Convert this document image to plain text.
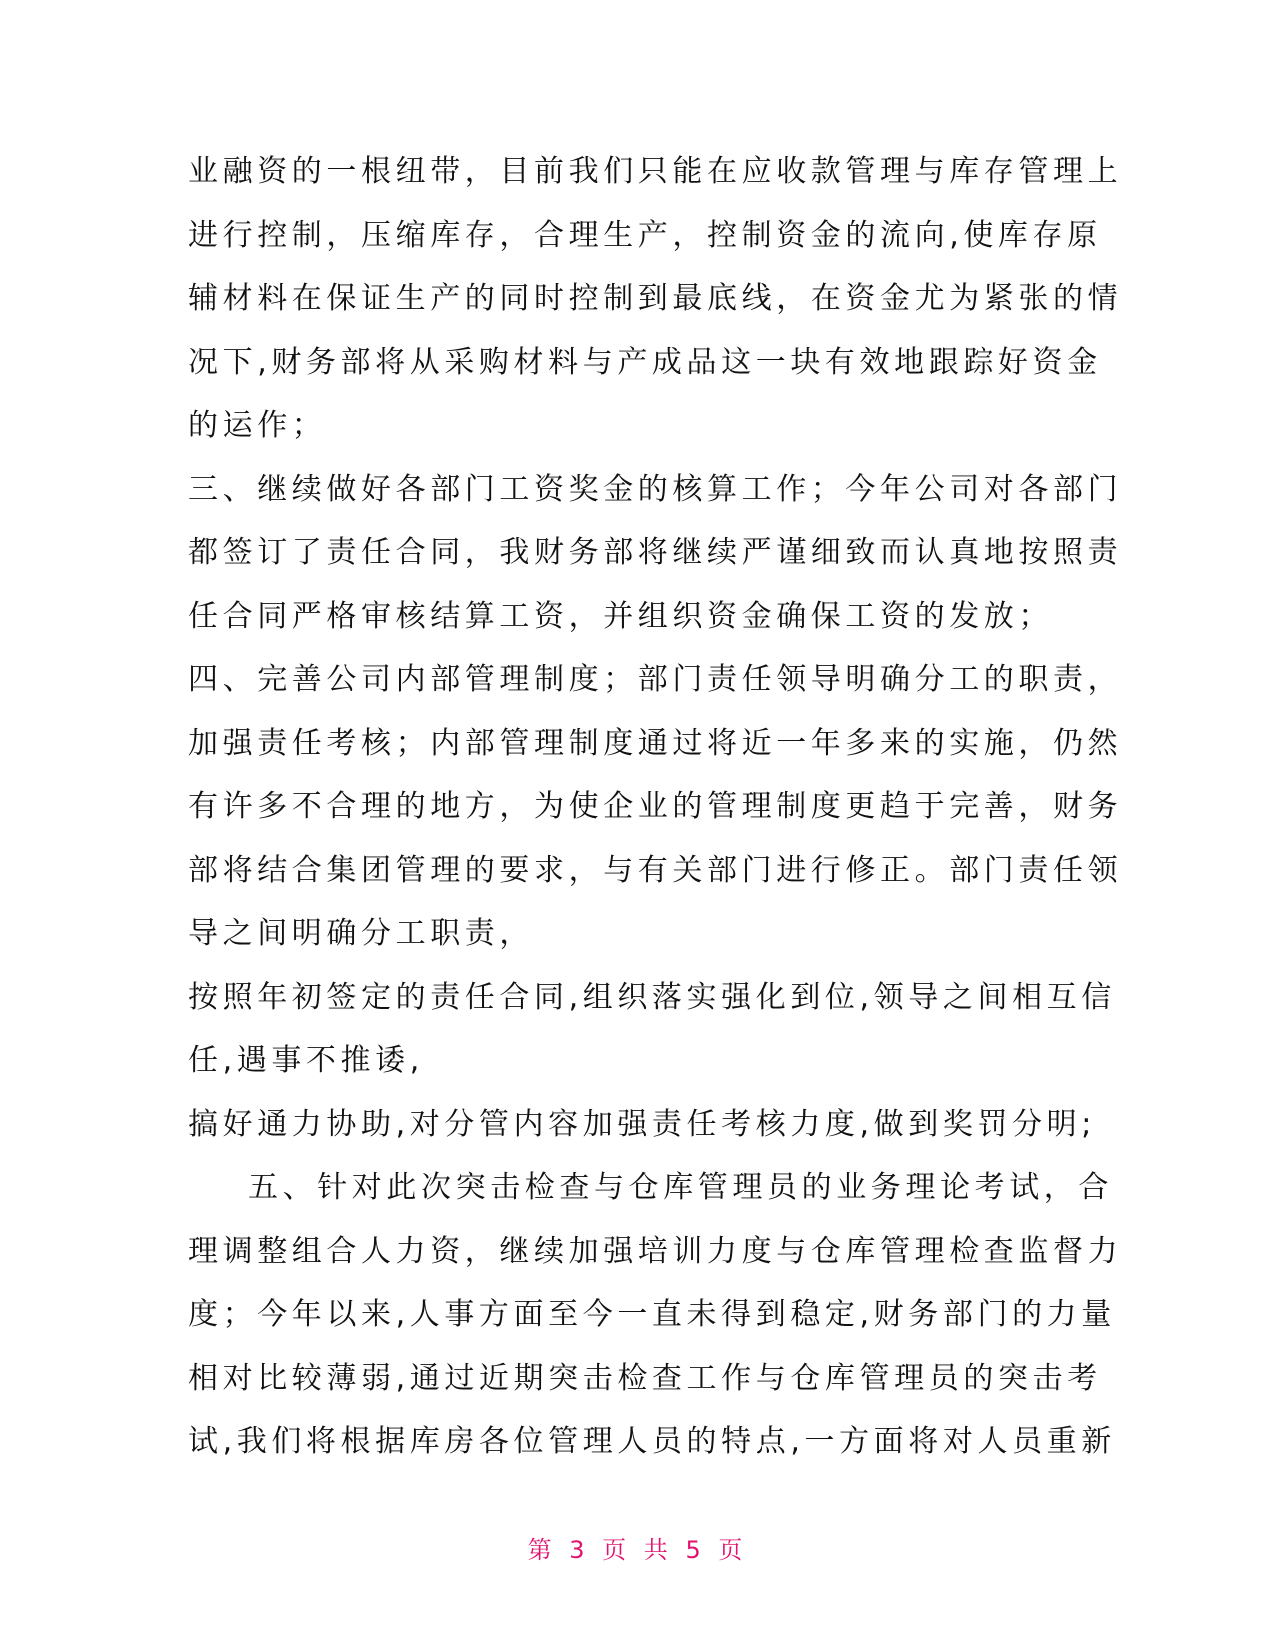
业融资的一根纽带，目前我们只能在应收款管理与库存管理上
进行控制，压缩库存，合理生产，控制资金的流向,使库存原
辅材料在保证生产的同时控制到最底线，在资金尤为紧张的情
况下,财务部将从采购材料与产成品这一块有效地跟踪好资金
的运作；
三、继续做好各部门工资奖金的核算工作；今年公司对各部门
都签订了责任合同，我财务部将继续严谨细致而认真地按照责
任合同严格审核结算工资，并组织资金确保工资的发放；
四、完善公司内部管理制度；部门责任领导明确分工的职责，
加强责任考核；内部管理制度通过将近一年多来的实施，仍然
有许多不合理的地方，为使企业的管理制度更趋于完善，财务
部将结合集团管理的要求，与有关部门进行修正。部门责任领
导之间明确分工职责，
按照年初签定的责任合同,组织落实强化到位,领导之间相互信
任,遇事不推诿,
搞好通力协助,对分管内容加强责任考核力度,做到奖罚分明;
五、针对此次突击检查与仓库管理员的业务理论考试，合
理调整组合人力资，继续加强培训力度与仓库管理检查监督力
度；今年以来,人事方面至今一直未得到稳定,财务部门的力量
相对比较薄弱,通过近期突击检查工作与仓库管理员的突击考
试,我们将根据库房各位管理人员的特点,一方面将对人员重新
第 3 页 共 5 页
